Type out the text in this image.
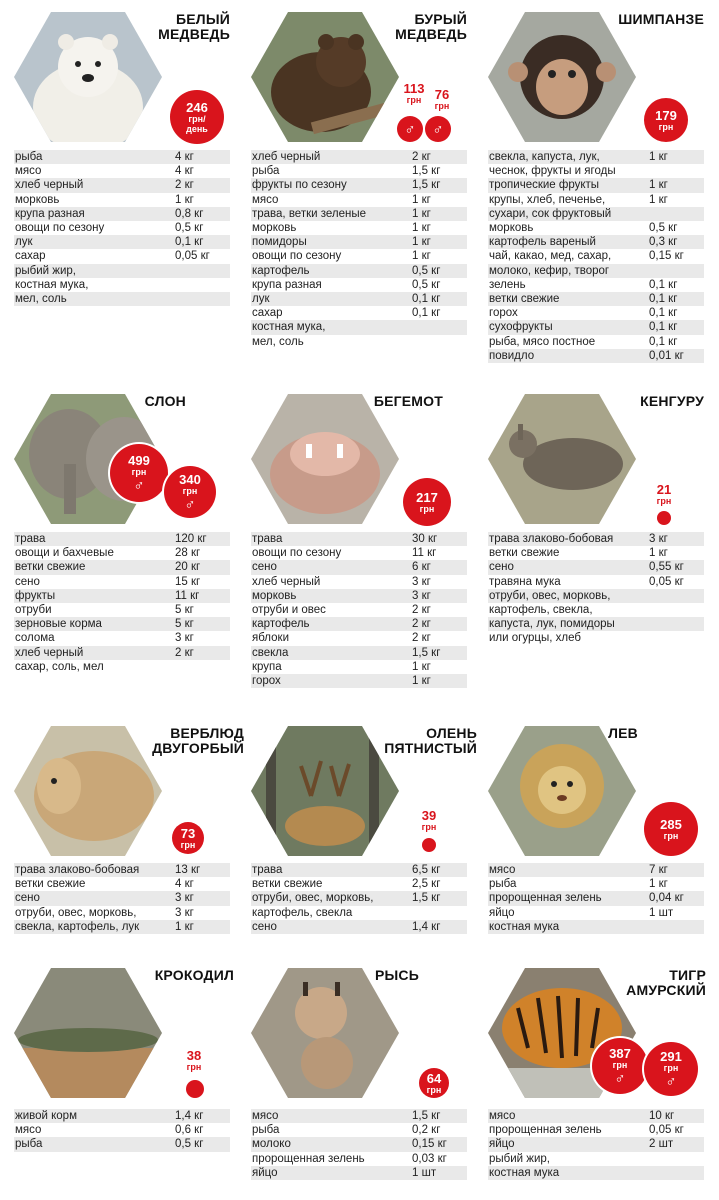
БЕЛЫЙ МЕДВЕДЬ
246
грн/ день
рыба	4 кг
мясо	4 кг
хлеб черный	2 кг
морковь	1 кг
крупа разная	0,8 кг
овощи по сезону	0,5 кг
лук	0,1 кг
сахар	0,05 кг
рыбий жир,
костная мука,
мел, соль
БУРЫЙ МЕДВЕДЬ
113
грн 76
грн
♂ ♂
хлеб черный	2 кг
рыба	1,5 кг
фрукты по сезону	1,5 кг
мясо	1 кг
трава, ветки зеленые	1 кг
морковь	1 кг
помидоры	1 кг
овощи по сезону	1 кг
картофель	0,5 кг
крупа разная	0,5 кг
лук	0,1 кг
сахар	0,1 кг
костная мука,
мел, соль
ШИМПАНЗЕ
179
грн
свекла, капуста, лук,	1 кг
чеснок, фрукты и ягоды
тропические фрукты	1 кг
крупы, хлеб, печенье,	1 кг
сухари, сок фруктовый
морковь	0,5 кг
картофель вареный	0,3 кг
чай, какао, мед, сахар,	0,15 кг
молоко, кефир, творог
зелень	0,1 кг
ветки свежие	0,1 кг
горох	0,1 кг
сухофрукты	0,1 кг
рыба, мясо постное	0,1 кг
повидло	0,01 кг
СЛОН
499
грн
♂	340
грн
♂
трава	120 кг
овощи и бахчевые	28 кг
ветки свежие	20 кг
сено	15 кг
фрукты	11 кг
отруби	5 кг
зерновые корма	5 кг
солома	3 кг
хлеб черный	2 кг
сахар, соль, мел
БЕГЕМОТ
217
грн
трава	30 кг
овощи по сезону	11 кг
сено	6 кг
хлеб черный	3 кг
морковь	3 кг
отруби и овес	2 кг
картофель	2 кг
яблоки	2 кг
свекла	1,5 кг
крупа	1 кг
горох	1 кг
КЕНГУРУ
21
грн
трава злаково-бобовая	3 кг
ветки свежие	1 кг
сено	0,55 кг
травяна мука	0,05 кг
отруби, овес, морковь,
картофель, свекла,
капуста, лук, помидоры
или огурцы, хлеб
ВЕРБЛЮД ДВУГОРБЫЙ
73
грн
трава злаково-бобовая	13 кг
ветки свежие	4 кг
сено	3 кг
отруби, овес, морковь,	3 кг
свекла, картофель, лук	1 кг
ОЛЕНЬ ПЯТНИСТЫЙ
39
грн
трава	6,5 кг
ветки свежие	2,5 кг
отруби, овес, морковь,	1,5 кг
картофель, свекла
сено	1,4 кг
ЛЕВ
285
грн
мясо	7 кг
рыба	1 кг
пророщенная зелень	0,04 кг
яйцо	1 шт
костная мука
КРОКОДИЛ
38
грн
живой корм	1,4 кг
мясо	0,6 кг
рыба	0,5 кг
РЫСЬ
64
грн
мясо	1,5 кг
рыба	0,2 кг
молоко	0,15 кг
пророщенная зелень	0,03 кг
яйцо	1 шт
ТИГР АМУРСКИЙ
387
грн
♂
291
грн
♂
мясо	10 кг
пророщенная зелень	0,05 кг
яйцо	2 шт
рыбий жир,
костная мука
